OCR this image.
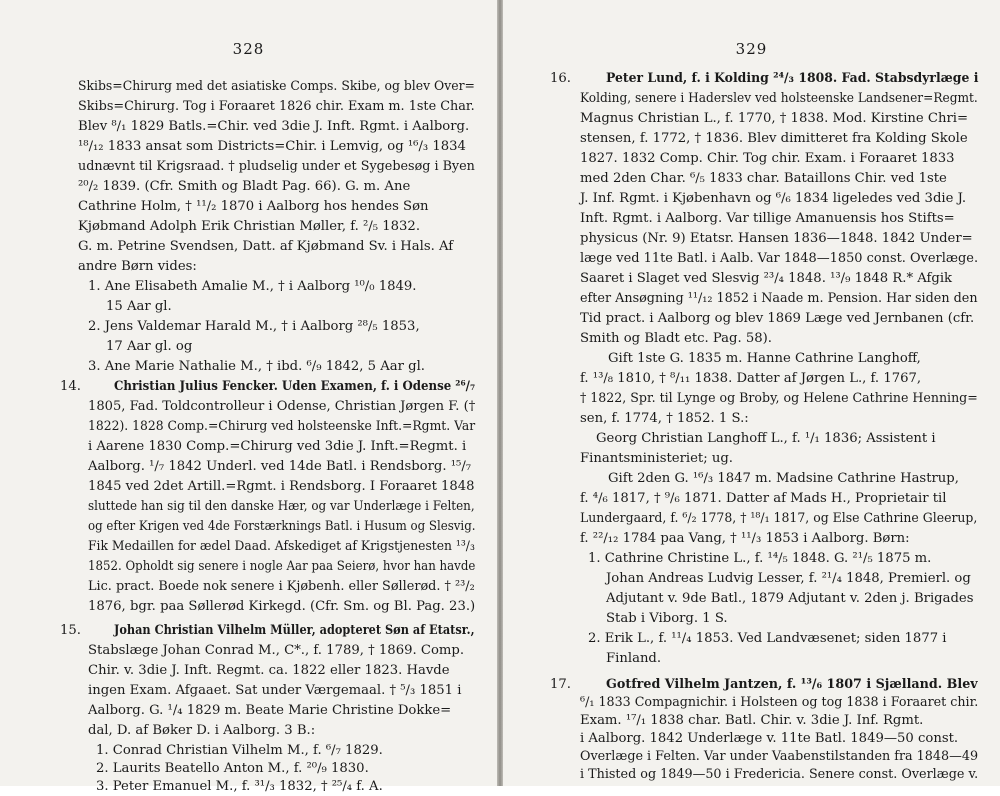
328
Skibs=Chirurg med det asiatiske Comps. Skibe, og blev Over=
Skibs=Chirurg. Tog i Foraaret 1826 chir. Exam m. 1ste Char.
Blev ⁸/₁ 1829 Batls.=Chir. ved 3die J. Inft. Rgmt. i Aalborg.
¹⁸/₁₂ 1833 ansat som Districts=Chir. i Lemvig, og ¹⁶/₃ 1834
udnævnt til Krigsraad. † pludselig under et Sygebesøg i Byen
²⁰/₂ 1839. (Cfr. Smith og Bladt Pag. 66). G. m. Ane
Cathrine Holm, † ¹¹/₂ 1870 i Aalborg hos hendes Søn
Kjøbmand Adolph Erik Christian Møller, f. ²/₅ 1832.
G. m. Petrine Svendsen, Datt. af Kjøbmand Sv. i Hals. Af
andre Børn vides:
1. Ane Elisabeth Amalie M., † i Aalborg ¹⁰/₀ 1849.
15 Aar gl.
2. Jens Valdemar Harald M., † i Aalborg ²⁸/₅ 1853,
17 Aar gl. og
3. Ane Marie Nathalie M., † ibd. ⁶/₉ 1842, 5 Aar gl.
14.	Christian Julius Fencker. Uden Examen, f. i Odense ²⁶/₇
1805, Fad. Toldcontrolleur i Odense, Christian Jørgen F. (†
1822). 1828 Comp.=Chirurg ved holsteenske Inft.=Rgmt. Var
i Aarene 1830 Comp.=Chirurg ved 3die J. Inft.=Regmt. i
Aalborg. ¹/₇ 1842 Underl. ved 14de Batl. i Rendsborg. ¹⁵/₇
1845 ved 2det Artill.=Rgmt. i Rendsborg. I Foraaret 1848
sluttede han sig til den danske Hær, og var Underlæge i Felten,
og efter Krigen ved 4de Forstærknings Batl. i Husum og Slesvig.
Fik Medaillen for ædel Daad. Afskediget af Krigstjenesten ¹³/₃
1852. Opholdt sig senere i nogle Aar paa Seierø, hvor han havde
Lic. pract. Boede nok senere i Kjøbenh. eller Søllerød. † ²³/₂
1876, bgr. paa Søllerød Kirkegd. (Cfr. Sm. og Bl. Pag. 23.)
15.	Johan Christian Vilhelm Müller, adopteret Søn af Etatsr.,
Stabslæge Johan Conrad M., C*., f. 1789, † 1869. Comp.
Chir. v. 3die J. Inft. Regmt. ca. 1822 eller 1823. Havde
ingen Exam. Afgaaet. Sat under Værgemaal. † ⁵/₃ 1851 i
Aalborg. G. ¹/₄ 1829 m. Beate Marie Christine Dokke=
dal, D. af Bøker D. i Aalborg. 3 B.:
1. Conrad Christian Vilhelm M., f. ⁶/₇ 1829.
2. Laurits Beatello Anton M., f. ²⁰/₉ 1830.
3. Peter Emanuel M., f. ³¹/₃ 1832, † ²⁵/₄ f. A.
329
16.	Peter Lund, f. i Kolding ²⁴/₃ 1808. Fad. Stabsdyrlæge i
Kolding, senere i Haderslev ved holsteenske Landsener=Regmt.
Magnus Christian L., f. 1770, † 1838. Mod. Kirstine Chri=
stensen, f. 1772, † 1836. Blev dimitteret fra Kolding Skole
1827. 1832 Comp. Chir. Tog chir. Exam. i Foraaret 1833
med 2den Char. ⁶/₅ 1833 char. Bataillons Chir. ved 1ste
J. Inf. Rgmt. i Kjøbenhavn og ⁶/₆ 1834 ligeledes ved 3die J.
Inft. Rgmt. i Aalborg. Var tillige Amanuensis hos Stifts=
physicus (Nr. 9) Etatsr. Hansen 1836—1848. 1842 Under=
læge ved 11te Batl. i Aalb. Var 1848—1850 const. Overlæge.
Saaret i Slaget ved Slesvig ²³/₄ 1848. ¹³/₉ 1848 R.* Afgik
efter Ansøgning ¹¹/₁₂ 1852 i Naade m. Pension. Har siden den
Tid pract. i Aalborg og blev 1869 Læge ved Jernbanen (cfr.
Smith og Bladt etc. Pag. 58).
Gift 1ste G. 1835 m. Hanne Cathrine Langhoff,
f. ¹³/₈ 1810, † ⁸/₁₁ 1838. Datter af Jørgen L., f. 1767,
† 1822, Spr. til Lynge og Broby, og Helene Cathrine Henning=
sen, f. 1774, † 1852. 1 S.:
Georg Christian Langhoff L., f. ¹/₁ 1836; Assistent i
Finantsministeriet; ug.
Gift 2den G. ¹⁶/₃ 1847 m. Madsine Cathrine Hastrup,
f. ⁴/₆ 1817, † ⁹/₆ 1871. Datter af Mads H., Proprietair til
Lundergaard, f. ⁶/₂ 1778, † ¹⁸/₁ 1817, og Else Cathrine Gleerup,
f. ²²/₁₂ 1784 paa Vang, † ¹¹/₃ 1853 i Aalborg. Børn:
1. Cathrine Christine L., f. ¹⁴/₅ 1848. G. ²¹/₅ 1875 m.
Johan Andreas Ludvig Lesser, f. ²¹/₄ 1848, Premierl. og
Adjutant v. 9de Batl., 1879 Adjutant v. 2den j. Brigades
Stab i Viborg. 1 S.
2. Erik L., f. ¹¹/₄ 1853. Ved Landvæsenet; siden 1877 i
Finland.
17.	Gotfred Vilhelm Jantzen, f. ¹³/₆ 1807 i Sjælland. Blev
⁶/₁ 1833 Compagnichir. i Holsteen og tog 1838 i Foraaret chir.
Exam. ¹⁷/₁ 1838 char. Batl. Chir. v. 3die J. Inf. Rgmt.
i Aalborg. 1842 Underlæge v. 11te Batl. 1849—50 const.
Overlæge i Felten. Var under Vaabenstilstanden fra 1848—49
i Thisted og 1849—50 i Fredericia. Senere const. Overlæge v.
